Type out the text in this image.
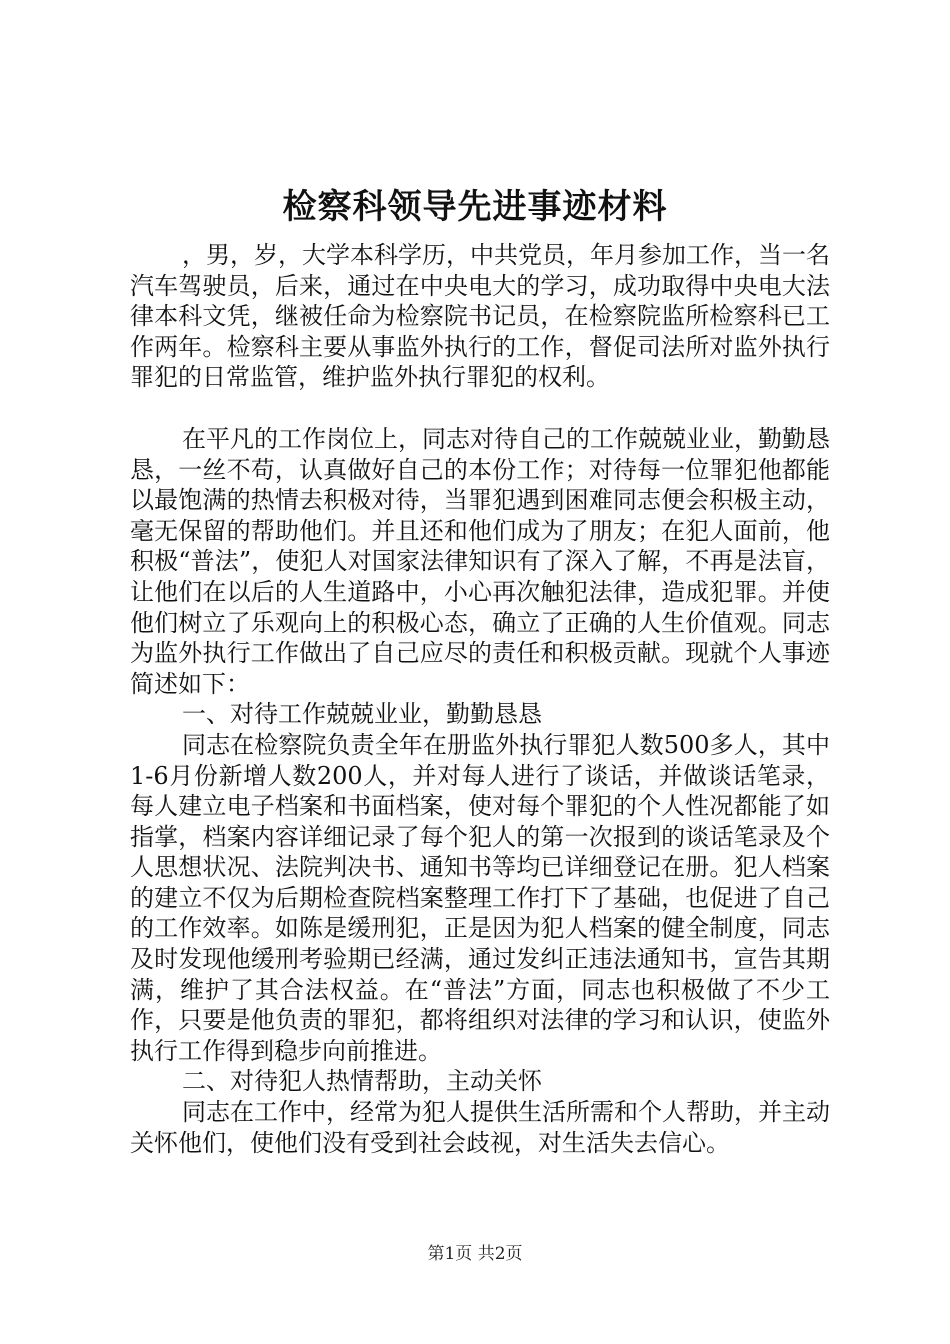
检察科领导先进事迹材料

，男，岁，大学本科学历，中共党员，年月参加工作，当一名汽车驾驶员，后来，通过在中央电大的学习，成功取得中央电大法律本科文凭，继被任命为检察院书记员，在检察院监所检察科已工作两年。检察科主要从事监外执行的工作，督促司法所对监外执行罪犯的日常监管，维护监外执行罪犯的权利。

在平凡的工作岗位上，同志对待自己的工作兢兢业业，勤勤恳恳，一丝不苟，认真做好自己的本份工作；对待每一位罪犯他都能以最饱满的热情去积极对待，当罪犯遇到困难同志便会积极主动，毫无保留的帮助他们。并且还和他们成为了朋友；在犯人面前，他积极“普法”，使犯人对国家法律知识有了深入了解，不再是法盲，让他们在以后的人生道路中，小心再次触犯法律，造成犯罪。并使他们树立了乐观向上的积极心态，确立了正确的人生价值观。同志为监外执行工作做出了自己应尽的责任和积极贡献。现就个人事迹简述如下：

一、对待工作兢兢业业，勤勤恳恳

同志在检察院负责全年在册监外执行罪犯人数500多人，其中1-6月份新增人数200人，并对每人进行了谈话，并做谈话笔录，每人建立电子档案和书面档案，使对每个罪犯的个人性况都能了如指掌，档案内容详细记录了每个犯人的第一次报到的谈话笔录及个人思想状况、法院判决书、通知书等均已详细登记在册。犯人档案的建立不仅为后期检查院档案整理工作打下了基础，也促进了自己的工作效率。如陈是缓刑犯，正是因为犯人档案的健全制度，同志及时发现他缓刑考验期已经满，通过发纠正违法通知书，宣告其期满，维护了其合法权益。在“普法”方面，同志也积极做了不少工作，只要是他负责的罪犯，都将组织对法律的学习和认识，使监外执行工作得到稳步向前推进。

二、对待犯人热情帮助，主动关怀

同志在工作中，经常为犯人提供生活所需和个人帮助，并主动关怀他们，使他们没有受到社会歧视，对生活失去信心。

第1页 共2页
